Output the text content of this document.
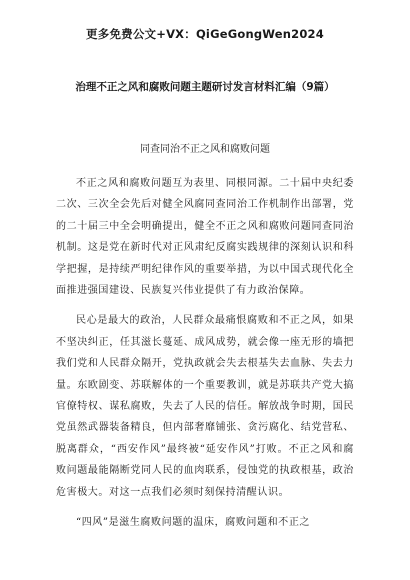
更多免费公文+VX：QiGeGongWen2024
治理不正之风和腐败问题主题研讨发言材料汇编（9篇）
同查同治不正之风和腐败问题

不正之风和腐败问题互为表里、同根同源。二十届中央纪委二次、三次全会先后对健全风腐同查同治工作机制作出部署，党的二十届三中全会明确提出，健全不正之风和腐败问题同查同治机制。这是党在新时代对正风肃纪反腐实践规律的深刻认识和科学把握，是持续严明纪律作风的重要举措，为以中国式现代化全面推进强国建设、民族复兴伟业提供了有力政治保障。

民心是最大的政治，人民群众最痛恨腐败和不正之风，如果不坚决纠正，任其滋长蔓延、成风成势，就会像一座无形的墙把我们党和人民群众隔开，党执政就会失去根基失去血脉、失去力量。东欧剧变、苏联解体的一个重要教训，就是苏联共产党大搞官僚特权、谋私腐败，失去了人民的信任。解放战争时期，国民党虽然武器装备精良，但内部奢靡铺张、贪污腐化、结党营私、脱离群众，“西安作风”最终被“延安作风”打败。不正之风和腐败问题最能隔断党同人民的血肉联系，侵蚀党的执政根基，政治危害极大。对这一点我们必须时刻保持清醒认识。

“四风”是滋生腐败问题的温床，腐败问题和不正之
